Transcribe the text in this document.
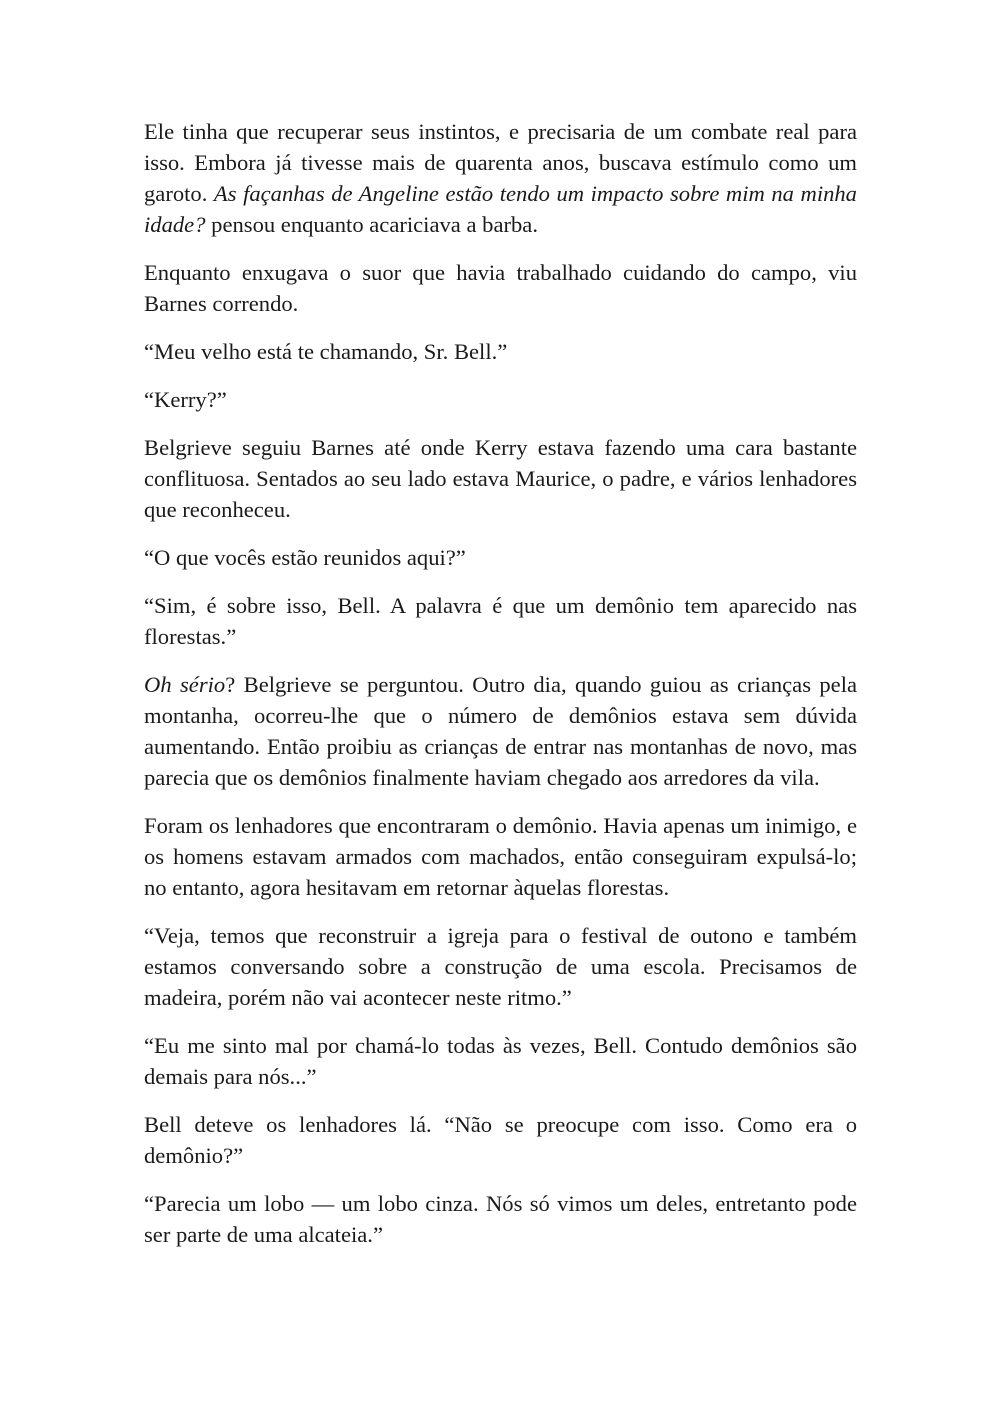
Ele tinha que recuperar seus instintos, e precisaria de um combate real para isso. Embora já tivesse mais de quarenta anos, buscava estímulo como um garoto. As façanhas de Angeline estão tendo um impacto sobre mim na minha idade? pensou enquanto acariciava a barba.

Enquanto enxugava o suor que havia trabalhado cuidando do campo, viu Barnes correndo.

“Meu velho está te chamando, Sr. Bell.”

“Kerry?”

Belgrieve seguiu Barnes até onde Kerry estava fazendo uma cara bastante conflituosa. Sentados ao seu lado estava Maurice, o padre, e vários lenhadores que reconheceu.

“O que vocês estão reunidos aqui?”

“Sim, é sobre isso, Bell. A palavra é que um demônio tem aparecido nas florestas.”

Oh sério? Belgrieve se perguntou. Outro dia, quando guiou as crianças pela montanha, ocorreu-lhe que o número de demônios estava sem dúvida aumentando. Então proibiu as crianças de entrar nas montanhas de novo, mas parecia que os demônios finalmente haviam chegado aos arredores da vila.

Foram os lenhadores que encontraram o demônio. Havia apenas um inimigo, e os homens estavam armados com machados, então conseguiram expulsá-lo; no entanto, agora hesitavam em retornar àquelas florestas.

“Veja, temos que reconstruir a igreja para o festival de outono e também estamos conversando sobre a construção de uma escola. Precisamos de madeira, porém não vai acontecer neste ritmo.”

“Eu me sinto mal por chamá-lo todas às vezes, Bell. Contudo demônios são demais para nós...”

Bell deteve os lenhadores lá. “Não se preocupe com isso. Como era o demônio?”

“Parecia um lobo — um lobo cinza. Nós só vimos um deles, entretanto pode ser parte de uma alcateia.”
